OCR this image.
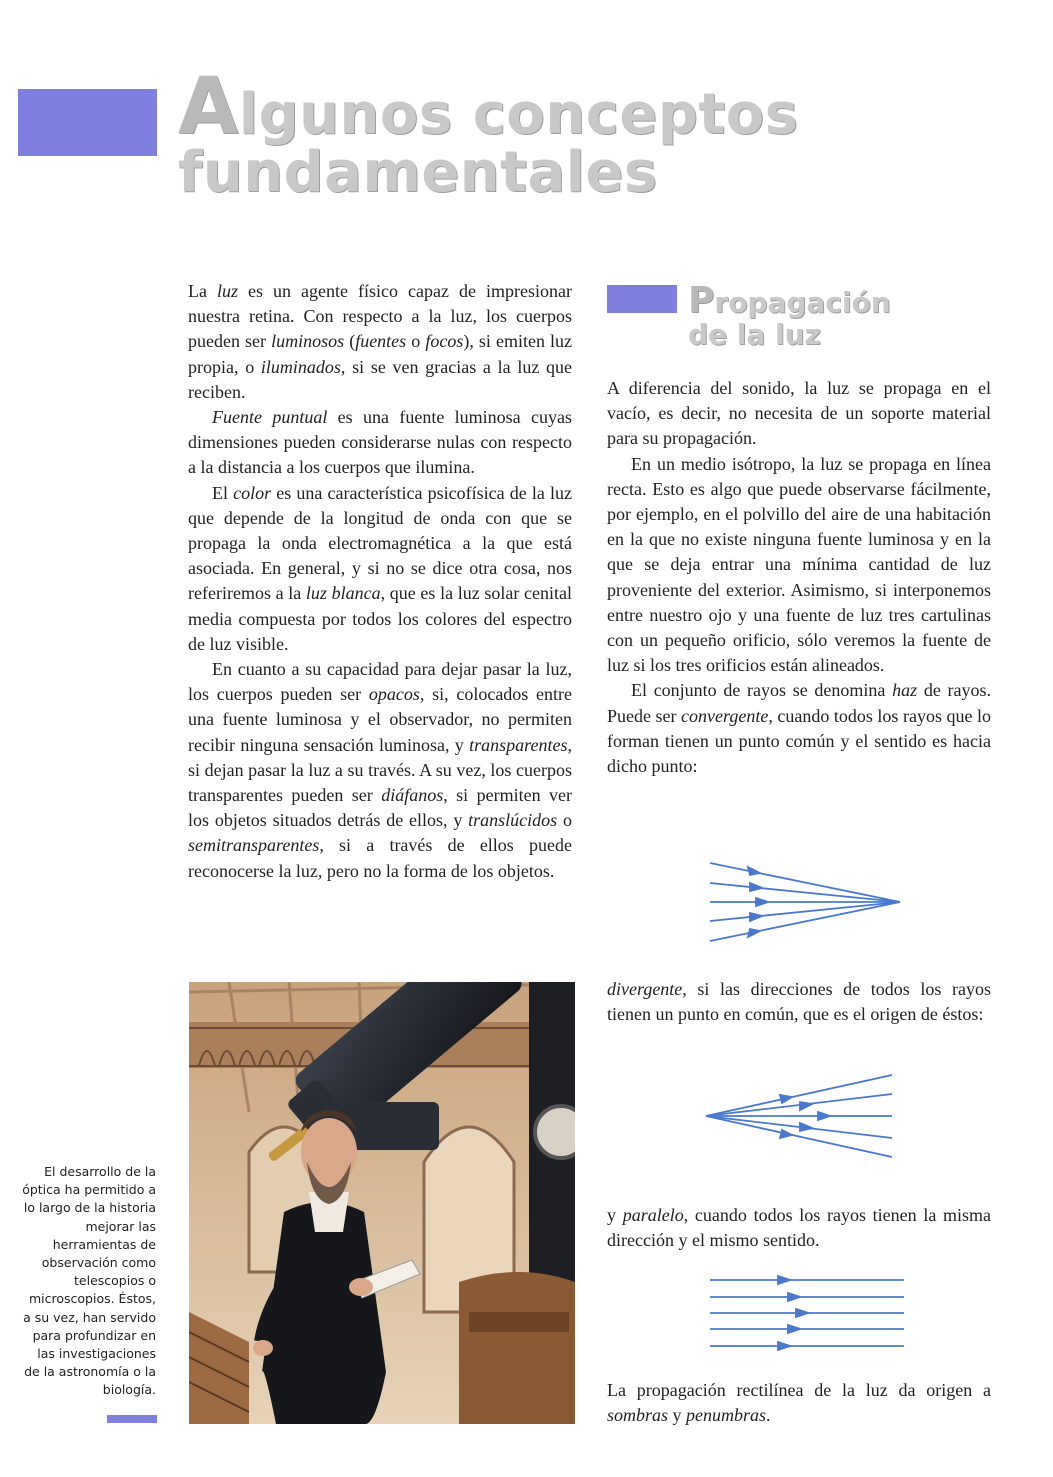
Algunos conceptos
fundamentales

La luz es un agente físico capaz de impresionar nuestra retina. Con respecto a la luz, los cuerpos pueden ser luminosos (fuentes o focos), si emiten luz propia, o iluminados, si se ven gracias a la luz que reciben.

Fuente puntual es una fuente luminosa cuyas dimensiones pueden considerarse nulas con respecto a la distancia a los cuerpos que ilumina.

El color es una característica psicofísica de la luz que depende de la longitud de onda con que se propaga la onda electromagnética a la que está asociada. En general, y si no se dice otra cosa, nos referiremos a la luz blanca, que es la luz solar cenital media compuesta por todos los colores del espectro de luz visible.

En cuanto a su capacidad para dejar pasar la luz, los cuerpos pueden ser opacos, si, colocados entre una fuente luminosa y el observador, no permiten recibir ninguna sensación luminosa, y transparentes, si dejan pasar la luz a su través. A su vez, los cuerpos transparentes pueden ser diáfanos, si permiten ver los objetos situados detrás de ellos, y translúcidos o semitransparentes, si a través de ellos puede reconocerse la luz, pero no la forma de los objetos.

El desarrollo de la óptica ha permitido a lo largo de la historia mejorar las herramientas de observación como telescopios o microscopios. Éstos, a su vez, han servido para profundizar en las investigaciones de la astronomía o la biología.
Propagación
de la luz

A diferencia del sonido, la luz se propaga en el vacío, es decir, no necesita de un soporte material para su propagación.

En un medio isótropo, la luz se propaga en línea recta. Esto es algo que puede observarse fácilmente, por ejemplo, en el polvillo del aire de una habitación en la que no existe ninguna fuente luminosa y en la que se deja entrar una mínima cantidad de luz proveniente del exterior. Asimismo, si interponemos entre nuestro ojo y una fuente de luz tres cartulinas con un pequeño orificio, sólo veremos la fuente de luz si los tres orificios están alineados.

El conjunto de rayos se denomina haz de rayos. Puede ser convergente, cuando todos los rayos que lo forman tienen un punto común y el sentido es hacia dicho punto:

divergente, si las direcciones de todos los rayos tienen un punto en común, que es el origen de éstos:

y paralelo, cuando todos los rayos tienen la misma dirección y el mismo sentido.

La propagación rectilínea de la luz da origen a sombras y penumbras.
